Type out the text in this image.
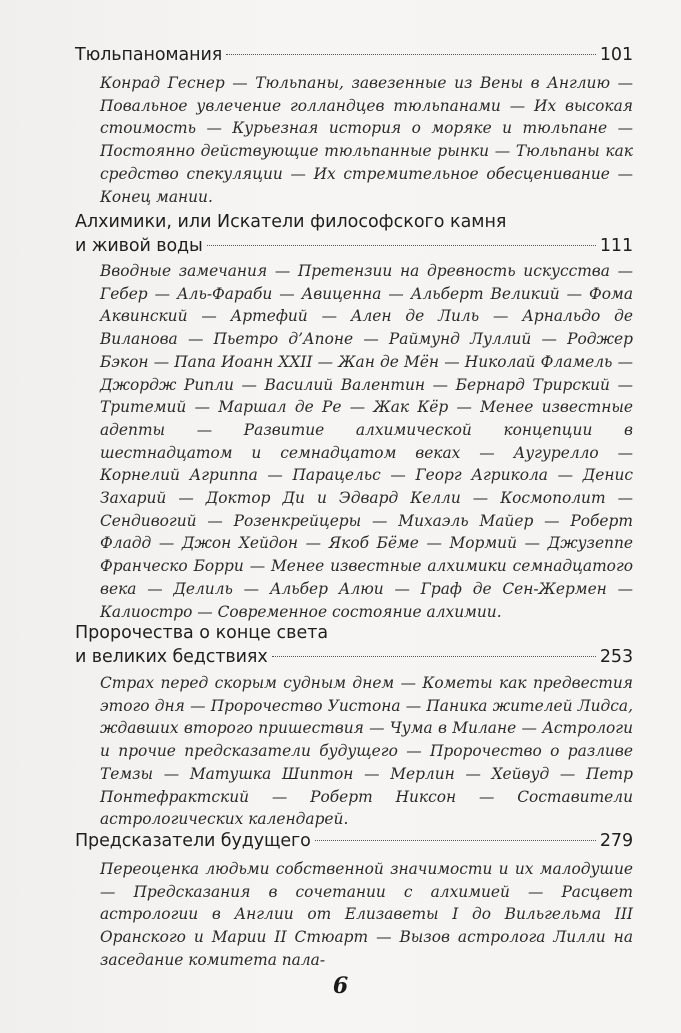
Тюльпаномания	101
Конрад Геснер — Тюльпаны, завезенные из Вены в Англию — Повальное увлечение голландцев тюльпанами — Их высокая стоимость — Курьезная история о моряке и тюльпане — Постоянно действующие тюльпанные рынки — Тюльпаны как средство спекуляции — Их стремительное обесценивание — Конец мании.
Алхимики, или Искатели философского камня
и живой воды	111
Вводные замечания — Претензии на древность искусства — Гебер — Аль-Фараби — Авиценна — Альберт Великий — Фома Аквинский — Артефий — Ален де Лиль — Арнальдо де Виланова — Пьетро д’Апоне — Раймунд Луллий — Роджер Бэкон — Папа Иоанн XXII — Жан де Мён — Николай Фламель — Джордж Рипли — Василий Валентин — Бернард Трирский — Тритемий — Маршал де Ре — Жак Кёр — Менее известные адепты — Развитие алхимической концепции в шестнадцатом и семнадцатом веках — Аугурелло — Корнелий Агриппа — Парацельс — Георг Агрикола — Денис Захарий — Доктор Ди и Эдвард Келли — Космополит — Сендивогий — Розенкрейцеры — Михаэль Майер — Роберт Фладд — Джон Хейдон — Якоб Бёме — Мормий — Джузеппе Франческо Борри — Менее известные алхимики семнадцатого века — Делиль — Альбер Алюи — Граф де Сен-Жермен — Калиостро — Современное состояние алхимии.
Пророчества о конце света
и великих бедствиях	253
Страх перед скорым судным днем — Кометы как предвестия этого дня — Пророчество Уистона — Паника жителей Лидса, ждавших второго пришествия — Чума в Милане — Астрологи и прочие предсказатели будущего — Пророчество о разливе Темзы — Матушка Шиптон — Мерлин — Хейвуд — Петр Понтефрактский — Роберт Никсон — Составители астрологических календарей.
Предсказатели будущего	279
Переоценка людьми собственной значимости и их малодушие — Предсказания в сочетании с алхимией — Расцвет астрологии в Англии от Елизаветы I до Вильгельма III Оранского и Марии II Стюарт — Вызов астролога Лилли на заседание комитета пала-
6
